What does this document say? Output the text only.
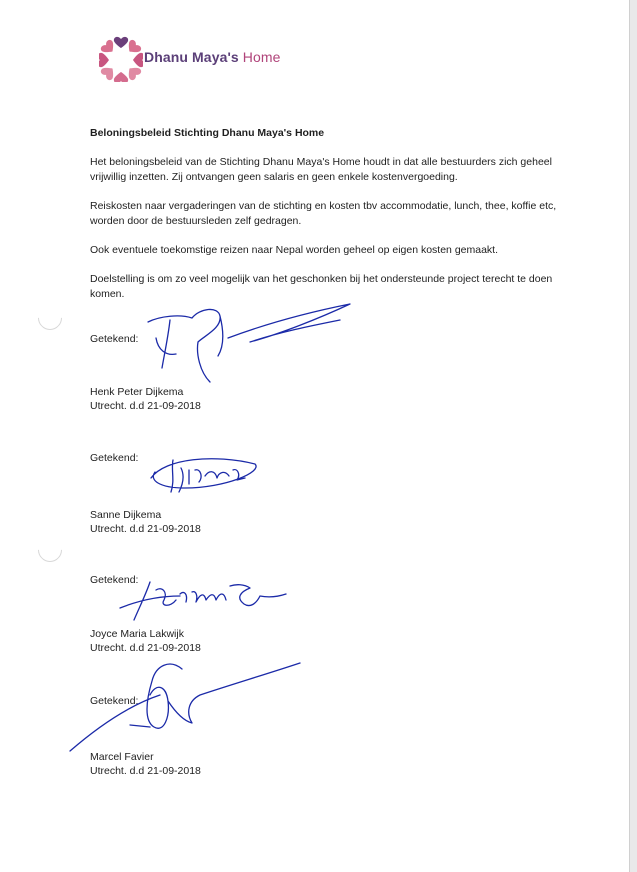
Dhanu Maya's Home
Beloningsbeleid Stichting Dhanu Maya's Home
Het beloningsbeleid van de Stichting Dhanu Maya's Home houdt in dat alle bestuurders zich geheel vrijwillig inzetten. Zij ontvangen geen salaris en geen enkele kostenvergoeding.
Reiskosten naar vergaderingen van de stichting en kosten tbv accommodatie, lunch, thee, koffie etc, worden door de bestuursleden zelf gedragen.
Ook eventuele toekomstige reizen naar Nepal worden geheel op eigen kosten gemaakt.
Doelstelling is om zo veel mogelijk van het geschonken bij het ondersteunde project terecht te doen komen.
Getekend:
Henk Peter Dijkema
Utrecht. d.d 21-09-2018
Getekend:
Sanne Dijkema
Utrecht. d.d 21-09-2018
Getekend:
Joyce Maria Lakwijk
Utrecht. d.d 21-09-2018
Getekend:
Marcel Favier
Utrecht. d.d 21-09-2018
